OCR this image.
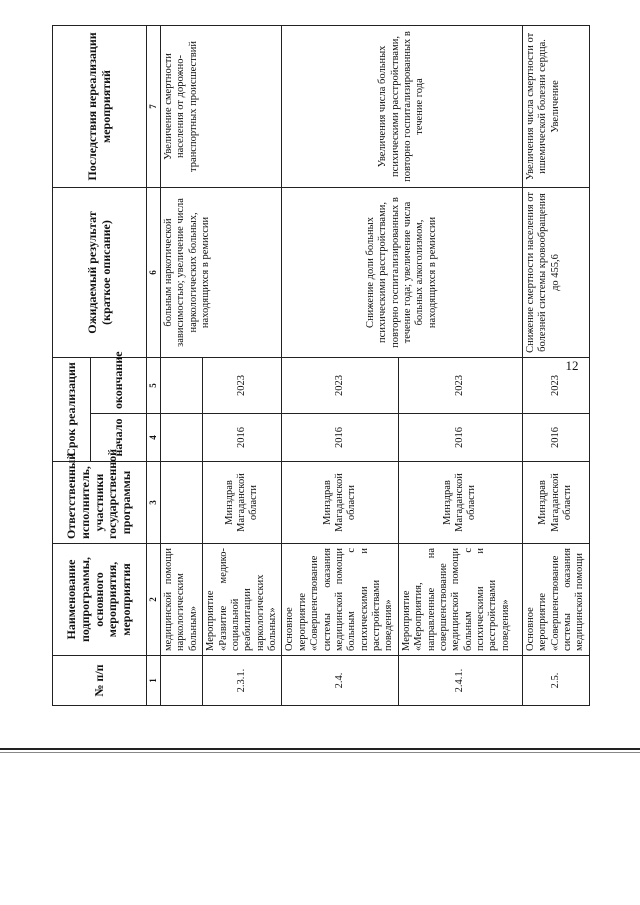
№ п/п	Наименование подпрограммы, основного мероприятия, мероприятия	Ответственный исполнитель, участники государственной программы	Срок реализации		Ожидаемый результат (краткое описание)	Последствия нереализации мероприятий
			начало	окончание		
1	2	3	4	5	6	7
	медицинской помощи наркологическим больным»				больным наркотической зависимостью; увеличение числа наркологических больных, находящихся в ремиссии	Увеличение смертности населения от дорожно-транспортных происшествий
2.3.1.	Мероприятие «Развитие медико-социальной реабилитации наркологических больных»	Минздрав Магаданской области	2016	2023		
2.4.	Основное мероприятие «Совершенствование системы оказания медицинской помощи больным с психическими и расстройствами поведения»	Минздрав Магаданской области	2016	2023	Снижение доли больных психическими расстройствами, повторно госпитализированных в течение года; увеличение числа больных алкоголизмом, находящихся в ремиссии	Увеличения числа больных психическими расстройствами, повторно госпитализированных в течение года
2.4.1.	Мероприятие «Мероприятия, направленные на совершенствование медицинской помощи больным с психическими и расстройствами поведения»	Минздрав Магаданской области	2016	2023		
2.5.	Основное мероприятие «Совершенствование системы оказания медицинской помощи	Минздрав Магаданской области	2016	2023	Снижение смертности населения от болезней системы кровообращения до 455,6	Увеличения числа смертности от ишемической болезни сердца. Увеличение
12
